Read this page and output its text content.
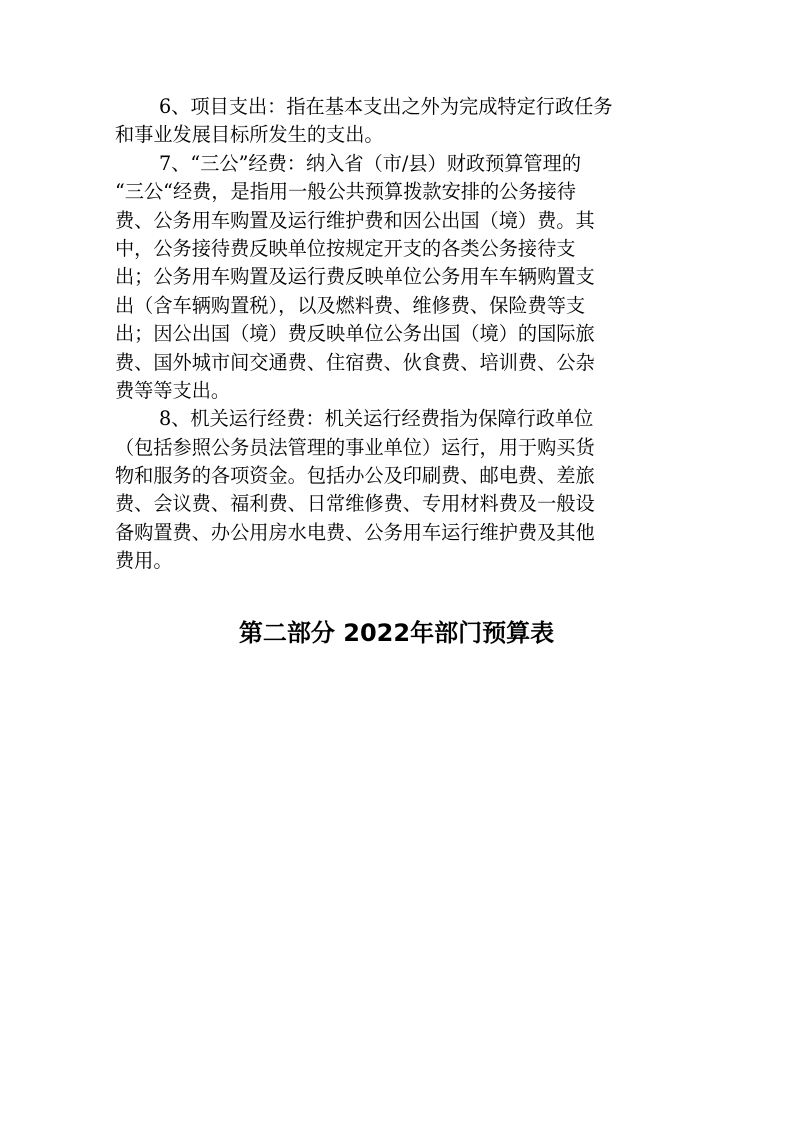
6、项目支出：指在基本支出之外为完成特定行政任务
和事业发展目标所发生的支出。

7、“三公”经费：纳入省（市/县）财政预算管理的
“三公“经费，是指用一般公共预算拨款安排的公务接待
费、公务用车购置及运行维护费和因公出国（境）费。其
中，公务接待费反映单位按规定开支的各类公务接待支
出；公务用车购置及运行费反映单位公务用车车辆购置支
出（含车辆购置税），以及燃料费、维修费、保险费等支
出；因公出国（境）费反映单位公务出国（境）的国际旅
费、国外城市间交通费、住宿费、伙食费、培训费、公杂
费等等支出。

8、机关运行经费：机关运行经费指为保障行政单位
（包括参照公务员法管理的事业单位）运行，用于购买货
物和服务的各项资金。包括办公及印刷费、邮电费、差旅
费、会议费、福利费、日常维修费、专用材料费及一般设
备购置费、办公用房水电费、公务用车运行维护费及其他
费用。

第二部分 2022年部门预算表
